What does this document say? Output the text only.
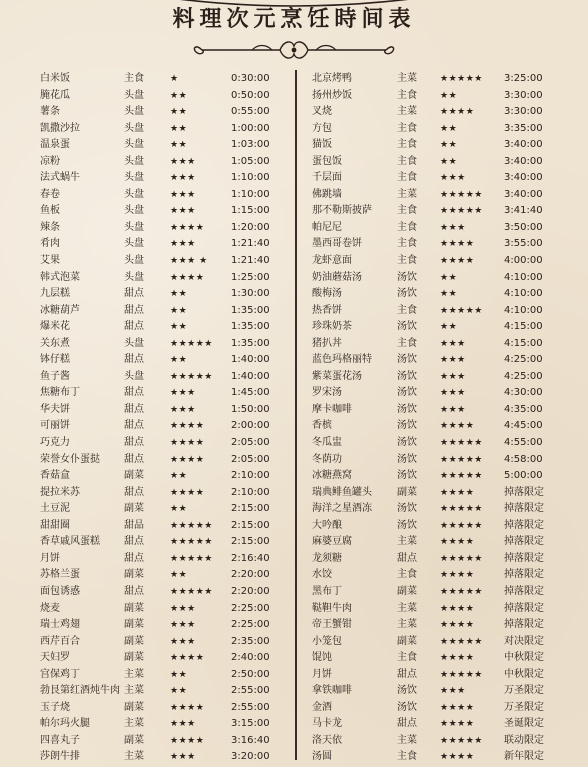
料理次元烹饪時间表
白米饭	主食	★	0:30:00
腌花瓜	头盘	★★	0:50:00
薯条	头盘	★★	0:55:00
凯撒沙拉	头盘	★★	1:00:00
温泉蛋	头盘	★★	1:03:00
凉粉	头盘	★★★	1:05:00
法式蜗牛	头盘	★★★	1:10:00
春卷	头盘	★★★	1:10:00
鱼板	头盘	★★★	1:15:00
辣条	头盘	★★★★	1:20:00
肴肉	头盘	★★★	1:21:40
艾果	头盘	★★★ ★ 1:21:40
韩式泡菜	头盘	★★★★	1:25:00
九层糕	甜点	★★	1:30:00
冰糖葫芦	甜点	★★	1:35:00
爆米花	甜点	★★	1:35:00
关东煮	头盘	★★★★★ 1:35:00
钵仔糕	甜点	★★	1:40:00
鱼子酱	头盘	★★★★★ 1:40:00
焦糖布丁	甜点	★★★	1:45:00
华夫饼	甜点	★★★	1:50:00
可丽饼	甜点	★★★★	2:00:00
巧克力	甜点	★★★★	2:05:00
荣誉女仆蛋挞 甜点	★★★★	2:05:00
香菇盒	副菜	★★	2:10:00
提拉米苏	甜点	★★★★	2:10:00
土豆泥	副菜	★★	2:15:00
甜甜圈	甜品	★★★★★ 2:15:00
香草戚风蛋糕 甜点	★★★★★ 2:15:00
月饼	甜点	★★★★★ 2:16:40
苏格兰蛋	副菜	★★	2:20:00
面包诱惑	甜点	★★★★★ 2:20:00
烧麦	副菜	★★★	2:25:00
瑞士鸡翅	副菜	★★★	2:25:00
西芹百合	副菜	★★★	2:35:00
天妇罗	副菜	★★★★	2:40:00
宫保鸡丁	主菜	★★	2:50:00
勃艮第红酒炖牛肉 主菜	★★	2:55:00
玉子烧	副菜	★★★★	2:55:00
帕尔玛火腿	主菜	★★★	3:15:00
四喜丸子	副菜	★★★★	3:16:40
莎朗牛排	主菜	★★★	3:20:00
北京烤鸭	主菜	★★★★★ 3:25:00
扬州炒饭	主食	★★	3:30:00
叉烧	主菜	★★★★	3:30:00
方包	主食	★★	3:35:00
猫饭	主食	★★	3:40:00
蛋包饭	主食	★★	3:40:00
千层面	主食	★★★	3:40:00
佛跳墙	主菜	★★★★★ 3:40:00
那不勒斯披萨	主食	★★★★★ 3:41:40
帕尼尼	主食	★★★	3:50:00
墨西哥卷饼	主食	★★★★	3:55:00
龙虾意面	主食	★★★★	4:00:00
奶油蘑菇汤	汤饮	★★	4:10:00
酸梅汤	汤饮	★★	4:10:00
热香饼	主食	★★★★★ 4:10:00
珍珠奶茶	汤饮	★★	4:15:00
猪扒丼	主食	★★★	4:15:00
蓝色玛格丽特	汤饮	★★★	4:25:00
紫菜蛋花汤	汤饮	★★★	4:25:00
罗宋汤	汤饮	★★★	4:30:00
摩卡咖啡	汤饮	★★★	4:35:00
香槟	汤饮	★★★★	4:45:00
冬瓜盅	汤饮	★★★★★ 4:55:00
冬荫功	汤饮	★★★★★ 4:58:00
冰糖燕窝	汤饮	★★★★★ 5:00:00
瑞典鲱鱼罐头	副菜	★★★★	掉落限定
海洋之星酒冻	汤饮	★★★★★ 掉落限定
大吟酿	汤饮	★★★★★ 掉落限定
麻婆豆腐	主菜	★★★★	掉落限定
龙须糖	甜点	★★★★★ 掉落限定
水饺	主食	★★★★	掉落限定
黑布丁	副菜	★★★★★ 掉落限定
鞑靼牛肉	主菜	★★★★	掉落限定
帝王蟹钳	主菜	★★★★	掉落限定
小笼包	副菜	★★★★★ 对决限定
馄饨	主食	★★★★	中秋限定
月饼	甜点	★★★★★ 中秋限定
拿铁咖啡	汤饮	★★★	万圣限定
金酒	汤饮	★★★★	万圣限定
马卡龙	甜点	★★★★	圣诞限定
洛天依	主菜	★★★★★ 联动限定
汤圆	主食	★★★★	新年限定
